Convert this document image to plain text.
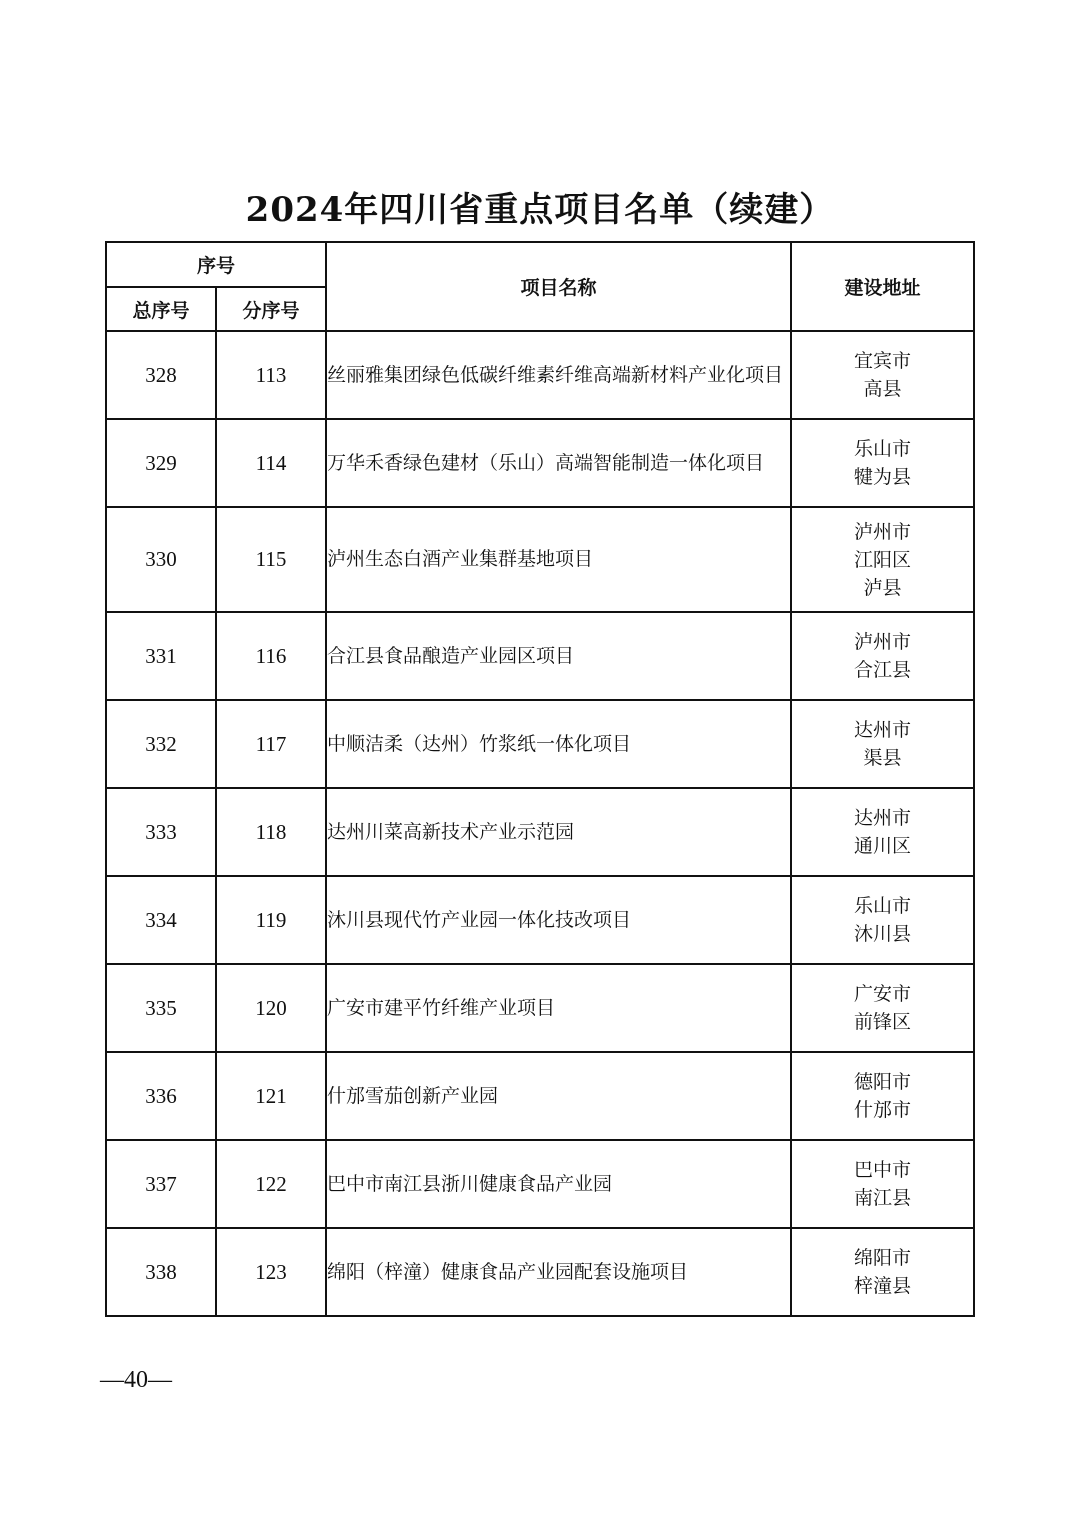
2024年四川省重点项目名单（续建）
序号		项目名称	建设地址
总序号	分序号		
328	113	丝丽雅集团绿色低碳纤维素纤维高端新材料产业化项目	宜宾市
高县

329	114	万华禾香绿色建材（乐山）高端智能制造一体化项目	乐山市
犍为县

330	115	泸州生态白酒产业集群基地项目	泸州市
江阳区
泸县

331	116	合江县食品酿造产业园区项目	泸州市
合江县

332	117	中顺洁柔（达州）竹浆纸一体化项目	达州市
渠县

333	118	达州川菜高新技术产业示范园	达州市
通川区

334	119	沐川县现代竹产业园一体化技改项目	乐山市
沐川县

335	120	广安市建平竹纤维产业项目	广安市
前锋区

336	121	什邡雪茄创新产业园	德阳市
什邡市

337	122	巴中市南江县浙川健康食品产业园	巴中市
南江县

338	123	绵阳（梓潼）健康食品产业园配套设施项目	绵阳市
梓潼县
—40—
